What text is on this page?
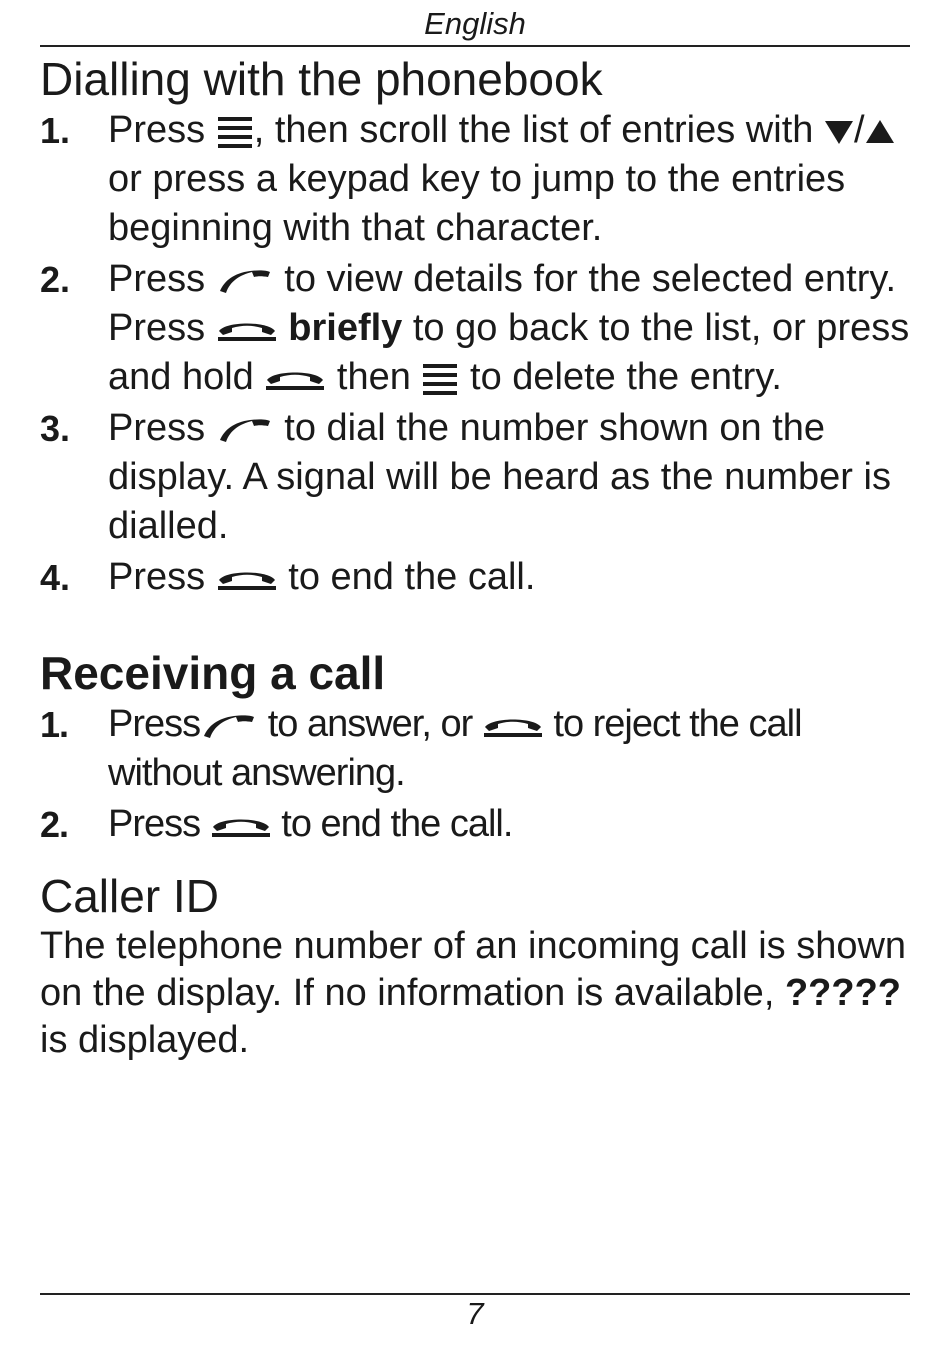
English
Dialling with the phonebook
1. Press , then scroll the list of entries with /
or press a keypad key to jump to the entries beginning with that character.
2. Press
to view details for the selected entry. Press briefly to go back to the list, or press and hold
then
to delete the entry.
3. Press
to dial the number shown on the display. A signal will be heard as the number is dialled.
4. Press
to end the call.
Receiving a call
1. Press
to answer, or
to reject the call without answering.
2. Press
to end the call.
Caller ID

The telephone number of an incoming call is shown on the display. If no information is available, ????? is displayed.

7
